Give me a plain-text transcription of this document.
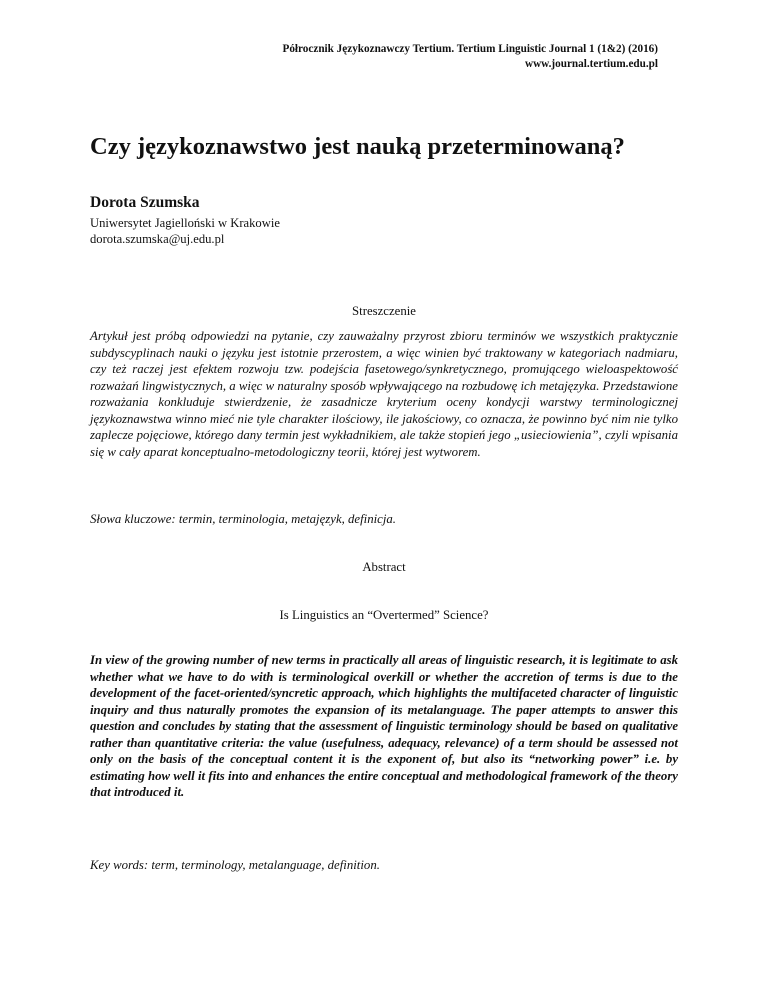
Półrocznik Językoznawczy Tertium. Tertium Linguistic Journal 1 (1&2) (2016)
www.journal.tertium.edu.pl
Czy językoznawstwo jest nauką przeterminowaną?
Dorota Szumska
Uniwersytet Jagielloński w Krakowie
dorota.szumska@uj.edu.pl
Streszczenie

Artykuł jest próbą odpowiedzi na pytanie, czy zauważalny przyrost zbioru terminów we wszystkich praktycznie subdyscyplinach nauki o języku jest istotnie przerostem, a więc winien być traktowany w kategoriach nadmiaru, czy też raczej jest efektem rozwoju tzw. podejścia fasetowego/synkretycznego, promującego wieloaspektowość rozważań lingwistycznych, a więc w naturalny sposób wpływającego na rozbudowę ich metajęzyka. Przedstawione rozważania konkluduje stwierdzenie, że zasadnicze kryterium oceny kondycji warstwy terminologicznej językoznawstwa winno mieć nie tyle charakter ilościowy, ile jakościowy, co oznacza, że powinno być nim nie tylko zaplecze pojęciowe, którego dany termin jest wykładnikiem, ale także stopień jego „usieciowienia”, czyli wpisania się w cały aparat konceptualno-metodologiczny teorii, której jest wytworem.

Słowa kluczowe: termin, terminologia, metajęzyk, definicja.
Abstract
Is Linguistics an “Overtermed” Science?

In view of the growing number of new terms in practically all areas of linguistic research, it is legitimate to ask whether what we have to do with is terminological overkill or whether the accretion of terms is due to the development of the facet-oriented/syncretic approach, which highlights the multifaceted character of linguistic inquiry and thus naturally promotes the expansion of its metalanguage. The paper attempts to answer this question and concludes by stating that the assessment of linguistic terminology should be based on qualitative rather than quantitative criteria: the value (usefulness, adequacy, relevance) of a term should be assessed not only on the basis of the conceptual content it is the exponent of, but also its “networking power” i.e. by estimating how well it fits into and enhances the entire conceptual and methodological framework of the theory that introduced it.

Key words: term, terminology, metalanguage, definition.
